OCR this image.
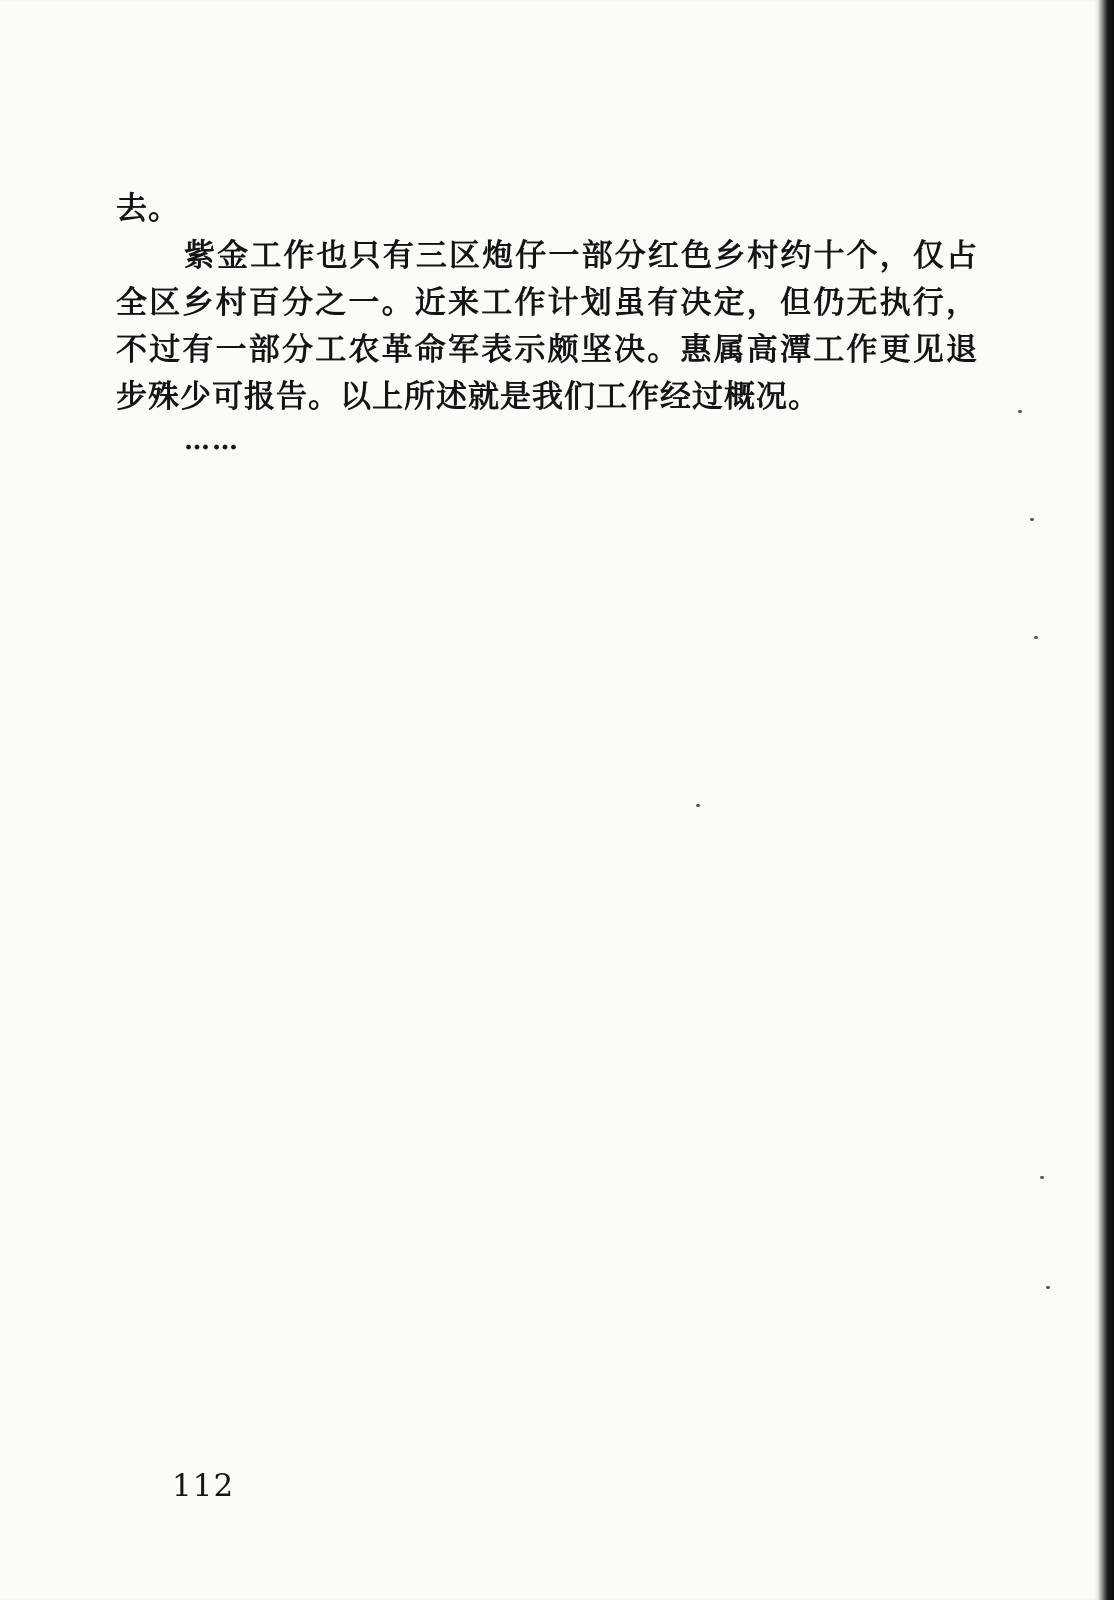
去。

紫金工作也只有三区炮仔一部分红色乡村约十个，仅占全区乡村百分之一。近来工作计划虽有决定，但仍无执行，不过有一部分工农革命军表示颇坚决。惠属高潭工作更见退步殊少可报告。以上所述就是我们工作经过概况。

……

112
